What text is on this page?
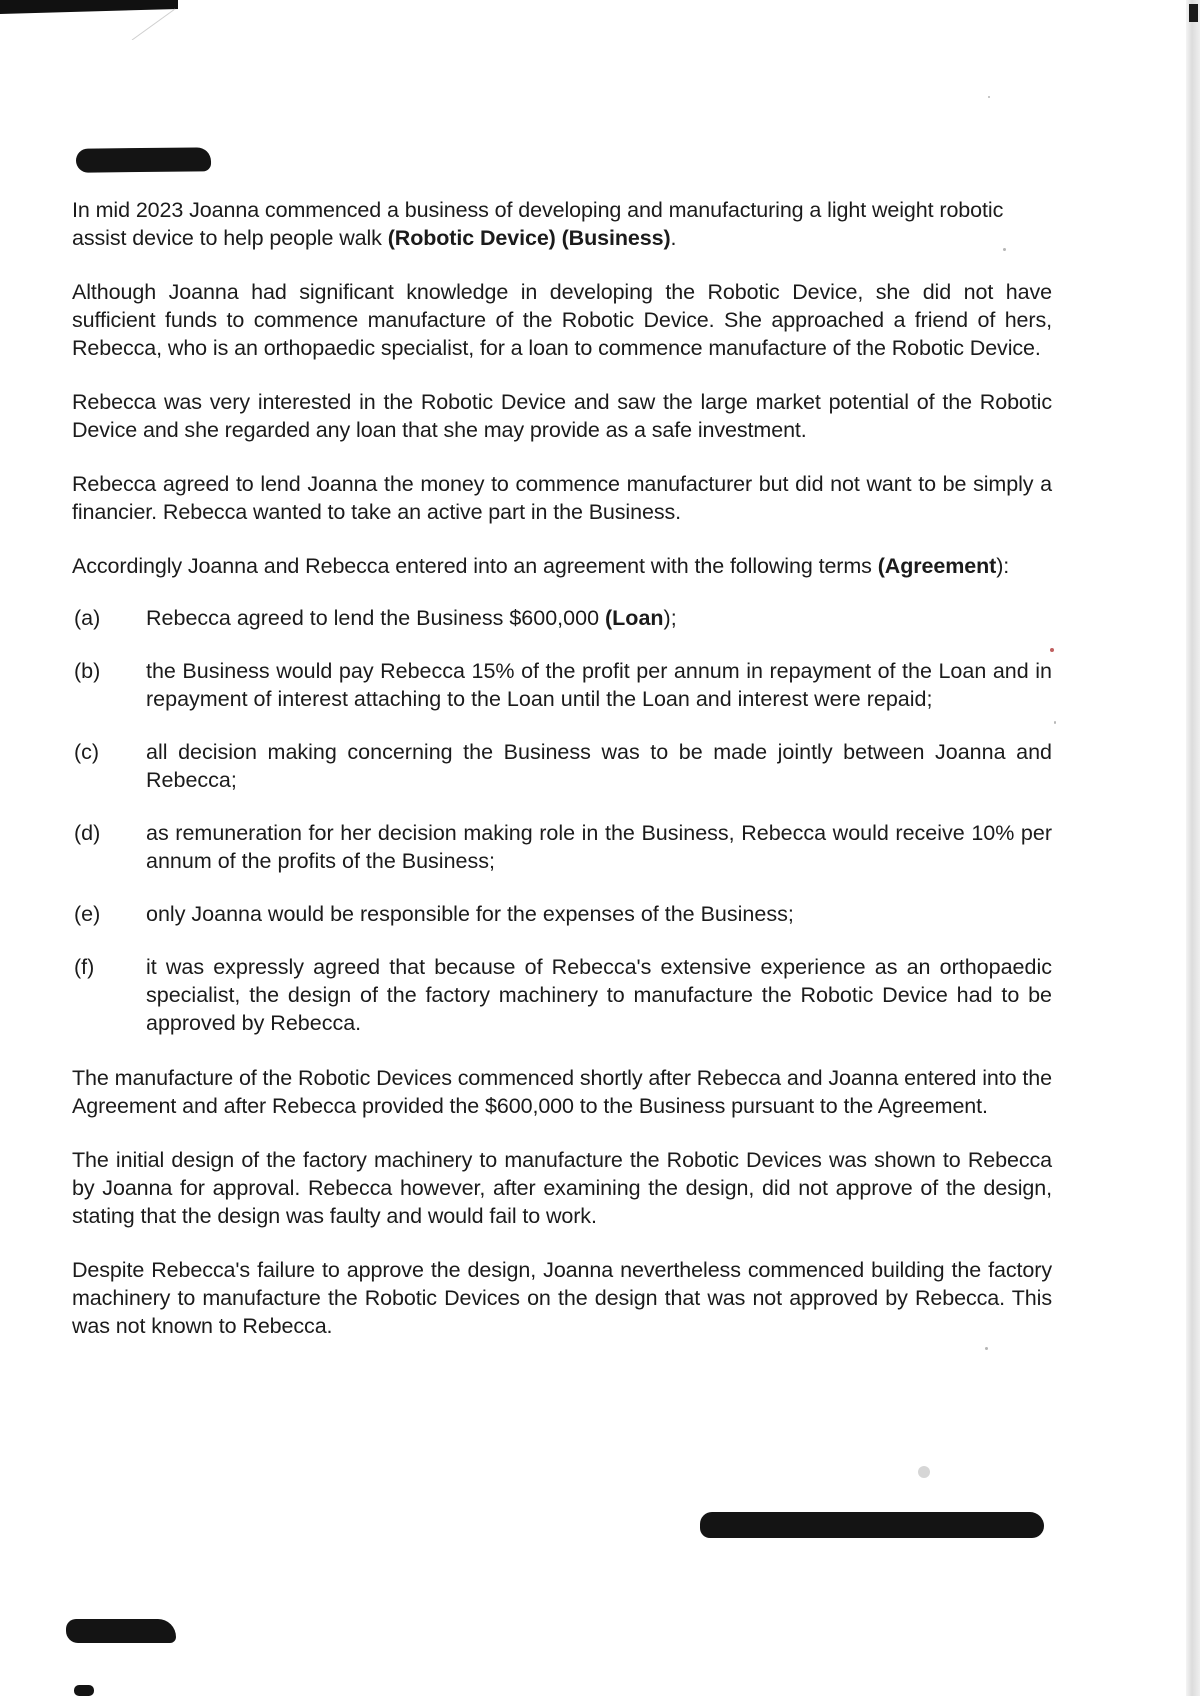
In mid 2023 Joanna commenced a business of developing and manufacturing a light weight robotic assist device to help people walk (Robotic Device) (Business).

Although Joanna had significant knowledge in developing the Robotic Device, she did not have sufficient funds to commence manufacture of the Robotic Device. She approached a friend of hers, Rebecca, who is an orthopaedic specialist, for a loan to commence manufacture of the Robotic Device.

Rebecca was very interested in the Robotic Device and saw the large market potential of the Robotic Device and she regarded any loan that she may provide as a safe investment.

Rebecca agreed to lend Joanna the money to commence manufacturer but did not want to be simply a financier. Rebecca wanted to take an active part in the Business.

Accordingly Joanna and Rebecca entered into an agreement with the following terms (Agreement):

(a)	Rebecca agreed to lend the Business $600,000 (Loan);
(b)	the Business would pay Rebecca 15% of the profit per annum in repayment of the Loan and in repayment of interest attaching to the Loan until the Loan and interest were repaid;
(c)	all decision making concerning the Business was to be made jointly between Joanna and Rebecca;
(d)	as remuneration for her decision making role in the Business, Rebecca would receive 10% per annum of the profits of the Business;
(e)	only Joanna would be responsible for the expenses of the Business;
(f)	it was expressly agreed that because of Rebecca's extensive experience as an orthopaedic specialist, the design of the factory machinery to manufacture the Robotic Device had to be approved by Rebecca.

The manufacture of the Robotic Devices commenced shortly after Rebecca and Joanna entered into the Agreement and after Rebecca provided the $600,000 to the Business pursuant to the Agreement.

The initial design of the factory machinery to manufacture the Robotic Devices was shown to Rebecca by Joanna for approval. Rebecca however, after examining the design, did not approve of the design, stating that the design was faulty and would fail to work.

Despite Rebecca's failure to approve the design, Joanna nevertheless commenced building the factory machinery to manufacture the Robotic Devices on the design that was not approved by Rebecca. This was not known to Rebecca.
